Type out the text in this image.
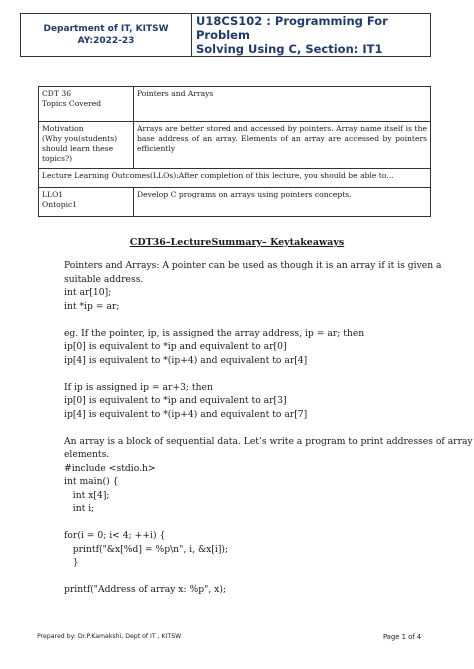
Department of IT, KITSW
AY:2022-23

U18CS102 : Programming For Problem
Solving Using C, Section: IT1
CDT 36
Topics Covered	Pointers and Arrays

Motivation
(Why you(students)
should learn these
topics?)	Arrays are better stored and accessed by pointers. Array name itself is the base address of an array. Elements of an array are accessed by pointers efficiently
Lecture Learning Outcomes(LLOs):After completion of this lecture, you should be able to...	

LLO1
Ontopic1	Develop C programs on arrays using pointers concepts.
CDT36–LectureSummary– Keytakeaways
Pointers and Arrays: A pointer can be used as though it is an array if it is given a
suitable address.
int ar[10];
int *ip = ar;
eg. If the pointer, ip, is assigned the array address, ip = ar; then
ip[0] is equivalent to *ip and equivalent to ar[0]
ip[4] is equivalent to *(ip+4) and equivalent to ar[4]
If ip is assigned ip = ar+3; then
ip[0] is equivalent to *ip and equivalent to ar[3]
ip[4] is equivalent to *(ip+4) and equivalent to ar[7]
An array is a block of sequential data. Let’s write a program to print addresses of array
elements.
#include <stdio.h>
int main() {
int x[4];
int i;
for(i = 0; i< 4; ++i) {
printf("&x[%d] = %p\n", i, &x[i]);
}
printf("Address of array x: %p", x);
Prepared by: Dr.P.Kamakshi, Dept of IT , KITSW	Page 1 of 4
